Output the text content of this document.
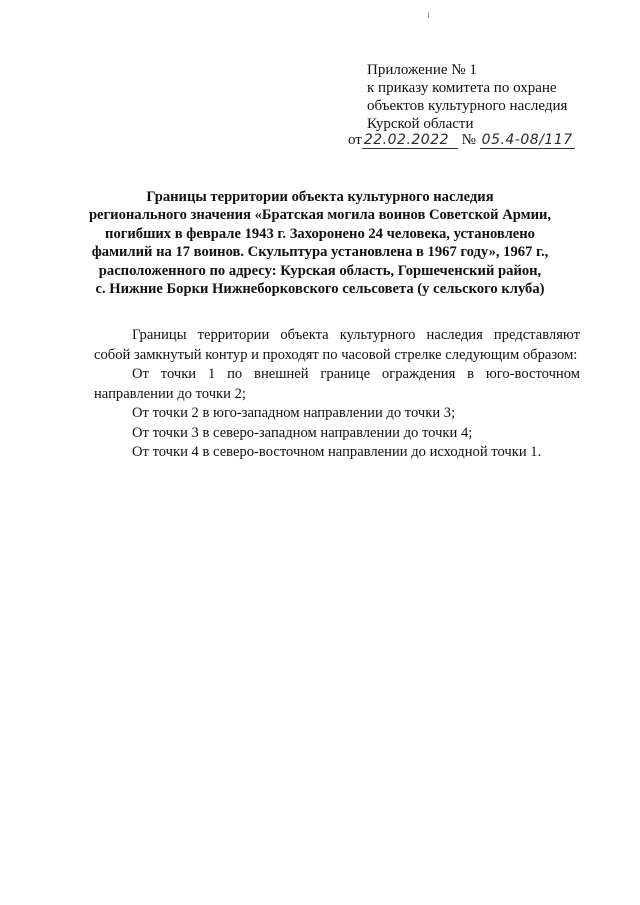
Приложение № 1
к приказу комитета по охране
объектов культурного наследия
Курской области
от 22.02.2022 № 05.4-08/117
Границы территории объекта культурного наследия
регионального значения «Братская могила воинов Советской Армии,
погибших в феврале 1943 г. Захоронено 24 человека, установлено
фамилий на 17 воинов. Скульптура установлена в 1967 году», 1967 г.,
расположенного по адресу: Курская область, Горшеченский район,
с. Нижние Борки Нижнеборковского сельсовета (у сельского клуба)

Границы территории объекта культурного наследия представляют собой замкнутый контур и проходят по часовой стрелке следующим образом:

От точки 1 по внешней границе ограждения в юго-восточном направлении до точки 2;

От точки 2 в юго-западном направлении до точки 3;

От точки 3 в северо-западном направлении до точки 4;

От точки 4 в северо-восточном направлении до исходной точки 1.
